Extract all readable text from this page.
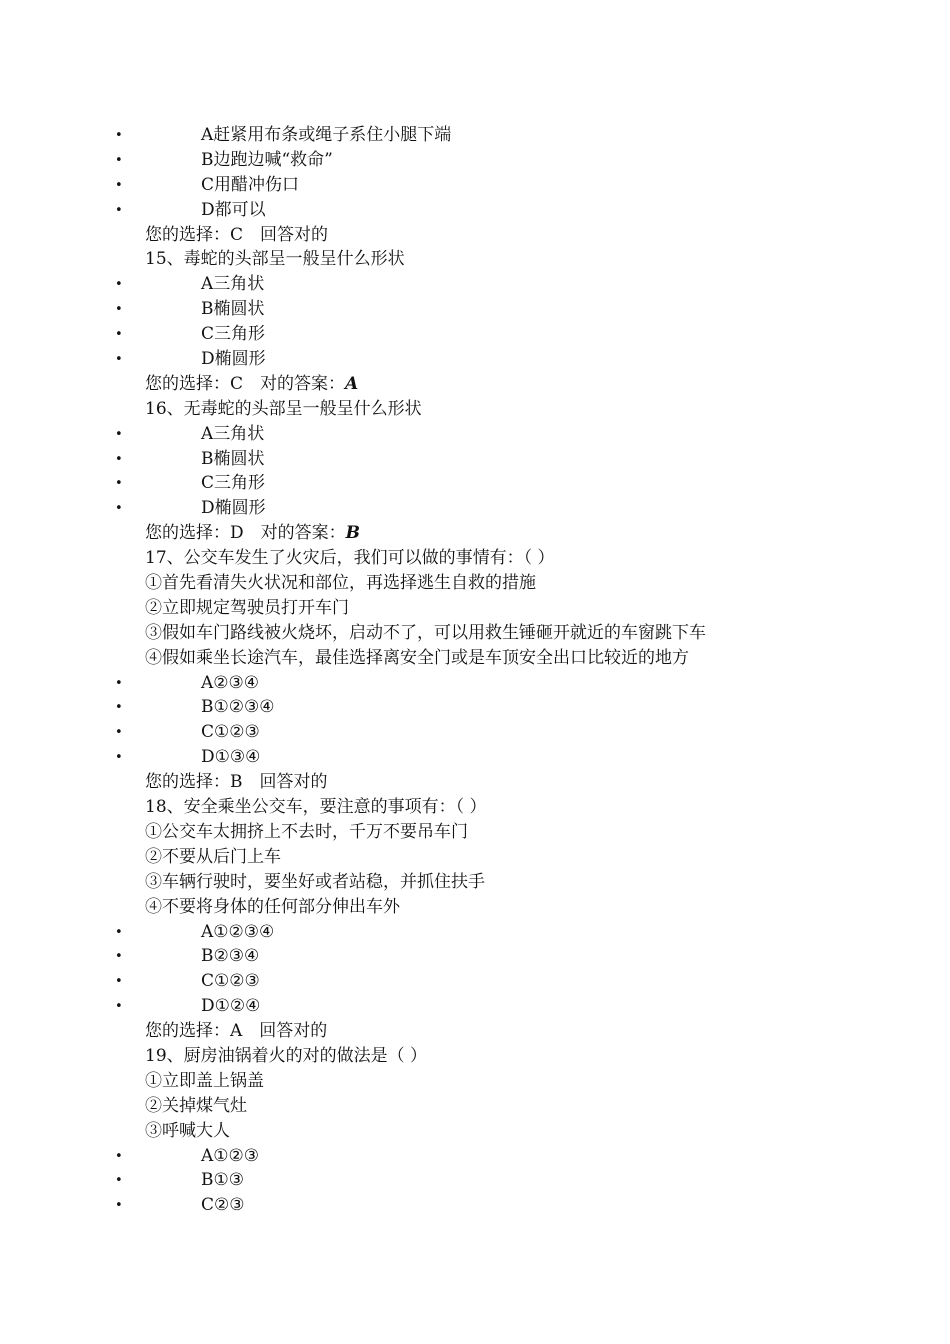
•	A赶紧用布条或绳子系住小腿下端
•	B边跑边喊“救命”
•	C用醋冲伤口
•	D都可以
您的选择：C　回答对的
15、毒蛇的头部呈一般呈什么形状
•	A三角状
•	B椭圆状
•	C三角形
•	D椭圆形
您的选择：C　对的答案：A
16、无毒蛇的头部呈一般呈什么形状
•	A三角状
•	B椭圆状
•	C三角形
•	D椭圆形
您的选择：D　对的答案：B
17、公交车发生了火灾后，我们可以做的事情有：（ ）
①首先看清失火状况和部位，再选择逃生自救的措施
②立即规定驾驶员打开车门
③假如车门路线被火烧坏，启动不了，可以用救生锤砸开就近的车窗跳下车
④假如乘坐长途汽车，最佳选择离安全门或是车顶安全出口比较近的地方
•	A②③④
•	B①②③④
•	C①②③
•	D①③④
您的选择：B　回答对的
18、安全乘坐公交车，要注意的事项有：（ ）
①公交车太拥挤上不去时，千万不要吊车门
②不要从后门上车
③车辆行驶时，要坐好或者站稳，并抓住扶手
④不要将身体的任何部分伸出车外
•	A①②③④
•	B②③④
•	C①②③
•	D①②④
您的选择：A　回答对的
19、厨房油锅着火的对的做法是（ ）
①立即盖上锅盖
②关掉煤气灶
③呼喊大人
•	A①②③
•	B①③
•	C②③
